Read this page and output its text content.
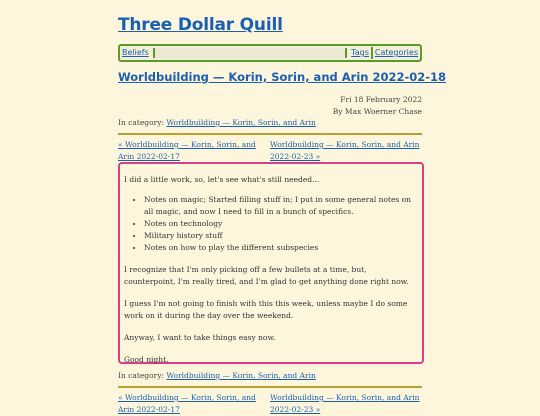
Three Dollar Quill
Beliefs	Tags Categories
Worldbuilding — Korin, Sorin, and Arin 2022-02-18
Fri 18 February 2022
By Max Woerner Chase
In category: Worldbuilding — Korin, Sorin, and Arin
« Worldbuilding — Korin, Sorin, and Arin 2022-02-17
Worldbuilding — Korin, Sorin, and Arin 2022-02-23 »

I did a little work, so, let's see what's still needed...

• Notes on magic; Started filling stuff in; I put in some general notes on all magic, and now I need to fill in a bunch of specifics.
• Notes on technology
• Military history stuff
• Notes on how to play the different subspecies

I recognize that I'm only picking off a few bullets at a time, but, counterpoint, I'm really tired, and I'm glad to get anything done right now.

I guess I'm not going to finish with this this week, unless maybe I do some work on it during the day over the weekend.

Anyway, I want to take things easy now.

Good night.

In category: Worldbuilding — Korin, Sorin, and Arin
« Worldbuilding — Korin, Sorin, and Arin 2022-02-17
Worldbuilding — Korin, Sorin, and Arin 2022-02-23 »
